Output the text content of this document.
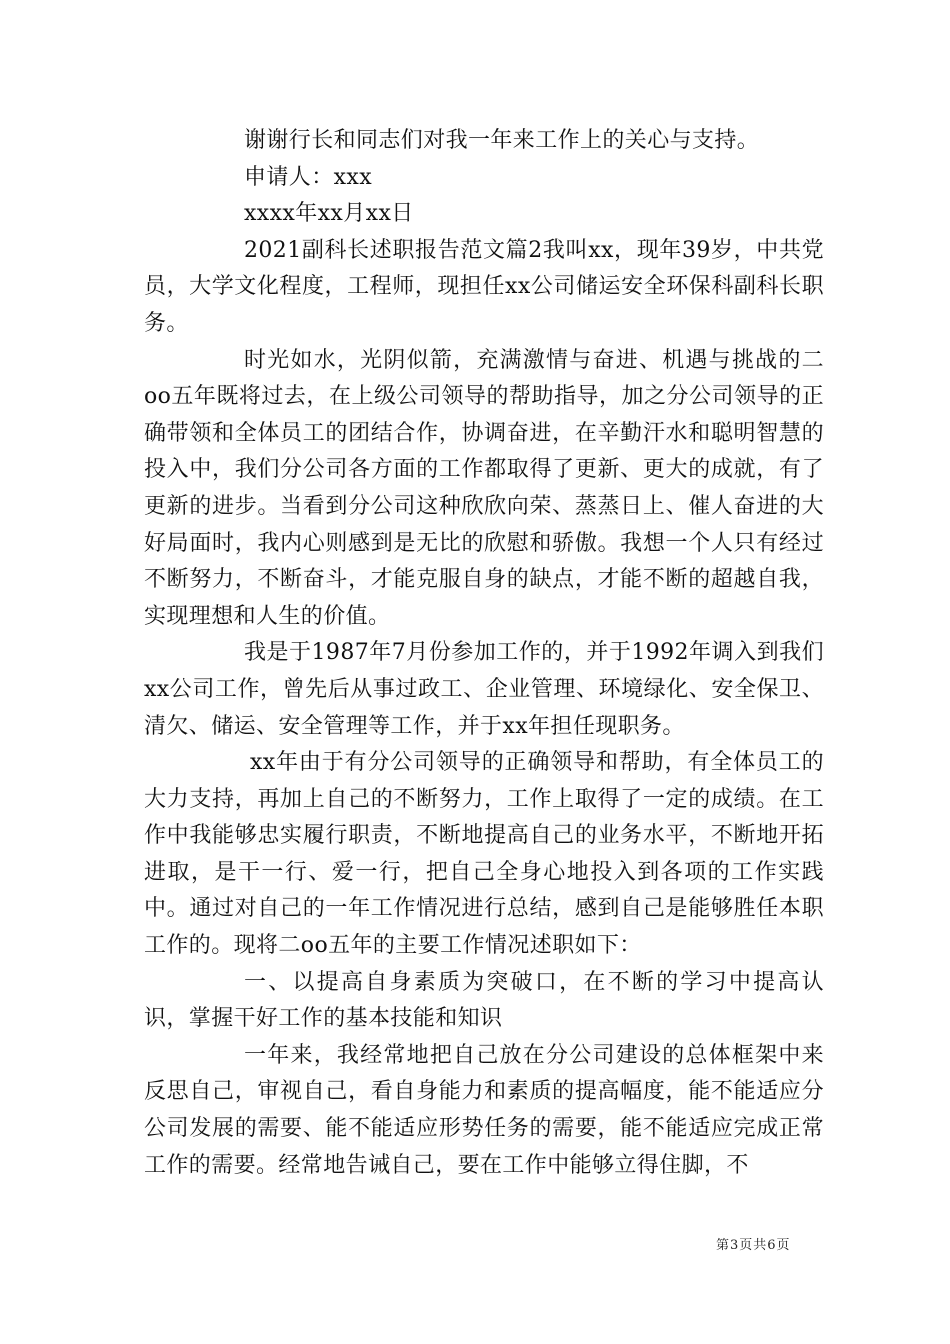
谢谢行长和同志们对我一年来工作上的关心与支持。

申请人：xxx

xxxx年xx月xx日

2021副科长述职报告范文篇2我叫xx，现年39岁，中共党员，大学文化程度，工程师，现担任xx公司储运安全环保科副科长职务。

时光如水，光阴似箭，充满激情与奋进、机遇与挑战的二oo五年既将过去，在上级公司领导的帮助指导，加之分公司领导的正确带领和全体员工的团结合作，协调奋进，在辛勤汗水和聪明智慧的投入中，我们分公司各方面的工作都取得了更新、更大的成就，有了更新的进步。当看到分公司这种欣欣向荣、蒸蒸日上、催人奋进的大好局面时，我内心则感到是无比的欣慰和骄傲。我想一个人只有经过不断努力，不断奋斗，才能克服自身的缺点，才能不断的超越自我，实现理想和人生的价值。

我是于1987年7月份参加工作的，并于1992年调入到我们xx公司工作，曾先后从事过政工、企业管理、环境绿化、安全保卫、清欠、储运、安全管理等工作，并于xx年担任现职务。

xx年由于有分公司领导的正确领导和帮助，有全体员工的大力支持，再加上自己的不断努力，工作上取得了一定的成绩。在工作中我能够忠实履行职责，不断地提高自己的业务水平，不断地开拓进取，是干一行、爱一行，把自己全身心地投入到各项的工作实践中。通过对自己的一年工作情况进行总结，感到自己是能够胜任本职工作的。现将二oo五年的主要工作情况述职如下：

一、以提高自身素质为突破口，在不断的学习中提高认识，掌握干好工作的基本技能和知识

一年来，我经常地把自己放在分公司建设的总体框架中来反思自己，审视自己，看自身能力和素质的提高幅度，能不能适应分公司发展的需要、能不能适应形势任务的需要，能不能适应完成正常工作的需要。经常地告诫自己，要在工作中能够立得住脚，不

第3页共6页
